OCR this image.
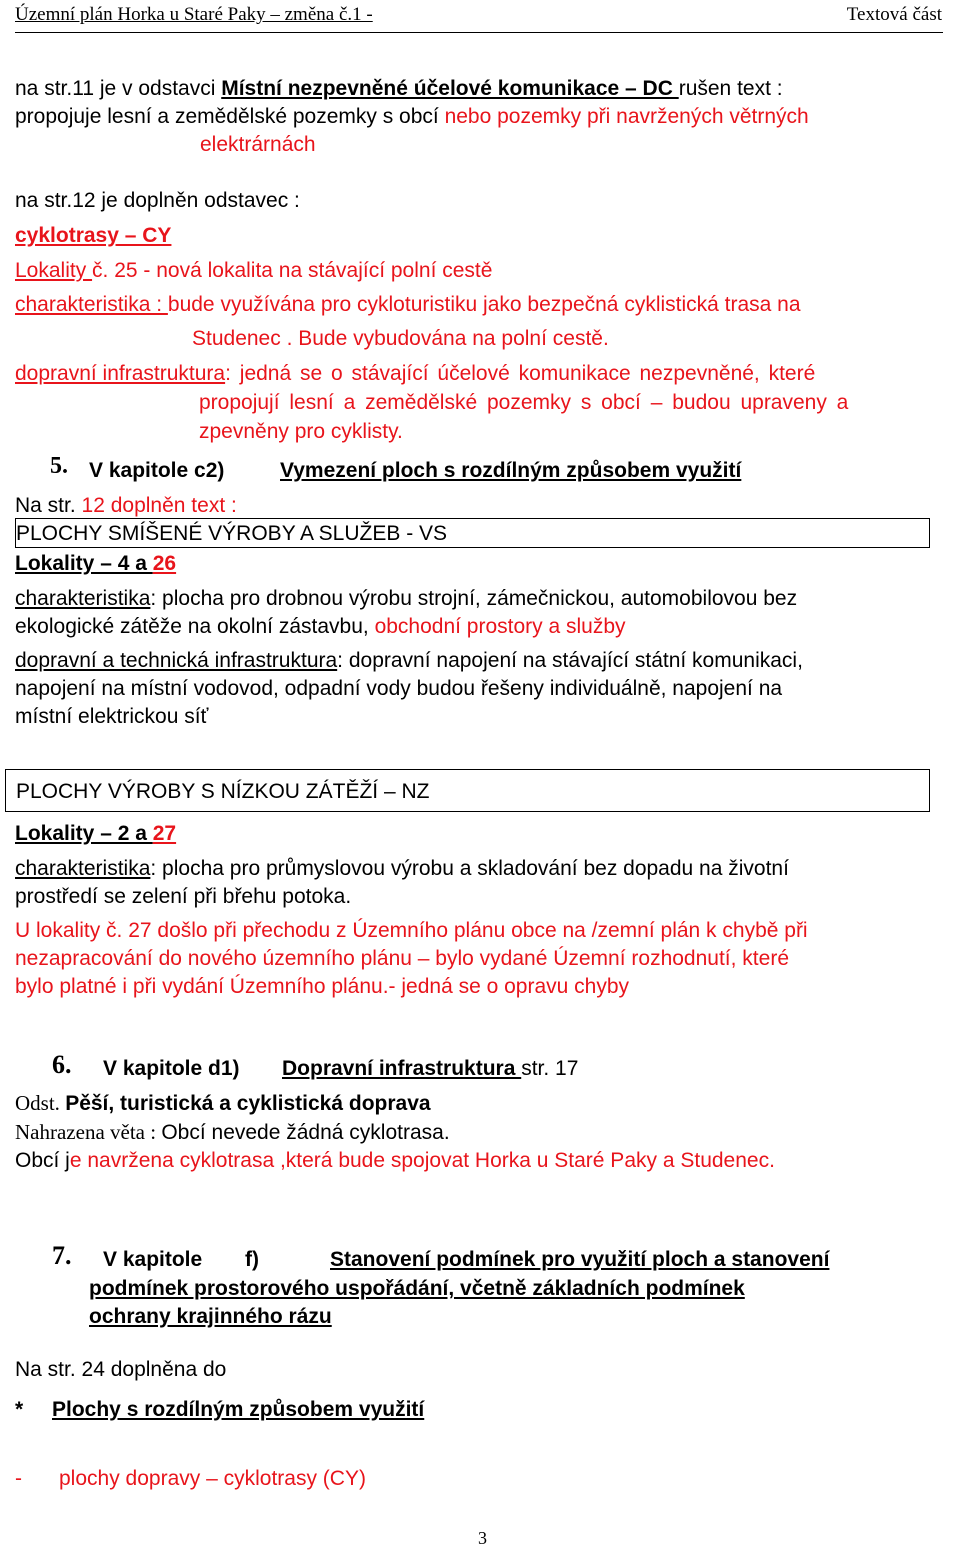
Územní plán Horka u Staré Paky – změna č.1 -	Textová část
na str.11 je v odstavci Místní nezpevněné účelové komunikace – DC rušen text :
propojuje lesní a zemědělské pozemky s obcí nebo pozemky při navržených větrných
elektrárnách
na str.12 je doplněn odstavec :
cyklotrasy – CY
Lokality č. 25 - nová lokalita na stávající polní cestě
charakteristika : bude využívána pro cykloturistiku jako bezpečná cyklistická trasa na
Studenec . Bude vybudována na polní cestě.
dopravní infrastruktura: jedná se o stávající účelové komunikace nezpevněné, které
propojují lesní a zemědělské pozemky s obcí – budou upraveny a
zpevněny pro cyklisty.
5. V kapitole c2)	Vymezení ploch s rozdílným způsobem využití
Na str. 12 doplněn text :
PLOCHY SMÍŠENÉ VÝROBY A SLUŽEB - VS
Lokality – 4 a 26
charakteristika: plocha pro drobnou výrobu strojní, zámečnickou, automobilovou bez
ekologické zátěže na okolní zástavbu, obchodní prostory a služby
dopravní a technická infrastruktura: dopravní napojení na stávající státní komunikaci,
napojení na místní vodovod, odpadní vody budou řešeny individuálně, napojení na
místní elektrickou síť
PLOCHY VÝROBY S NÍZKOU ZÁTĚŽÍ – NZ
Lokality – 2 a 27
charakteristika: plocha pro průmyslovou výrobu a skladování bez dopadu na životní
prostředí se zelení při břehu potoka.
U lokality č. 27 došlo při přechodu z Územního plánu obce na /zemní plán k chybě při
nezapracování do nového územního plánu – bylo vydané Územní rozhodnutí, které
bylo platné i při vydání Územního plánu.- jedná se o opravu chyby
6. V kapitole d1) Dopravní infrastruktura str. 17
Odst. Pěší, turistická a cyklistická doprava
Nahrazena věta : Obcí nevede žádná cyklotrasa.
Obcí je navržena cyklotrasa ,která bude spojovat Horka u Staré Paky a Studenec.
7. V kapitole f)	Stanovení podmínek pro využití ploch a stanovení
podmínek prostorového uspořádání, včetně základních podmínek
ochrany krajinného rázu
Na str. 24 doplněna do
* Plochy s rozdílným způsobem využití
- plochy dopravy – cyklotrasy (CY)
3
